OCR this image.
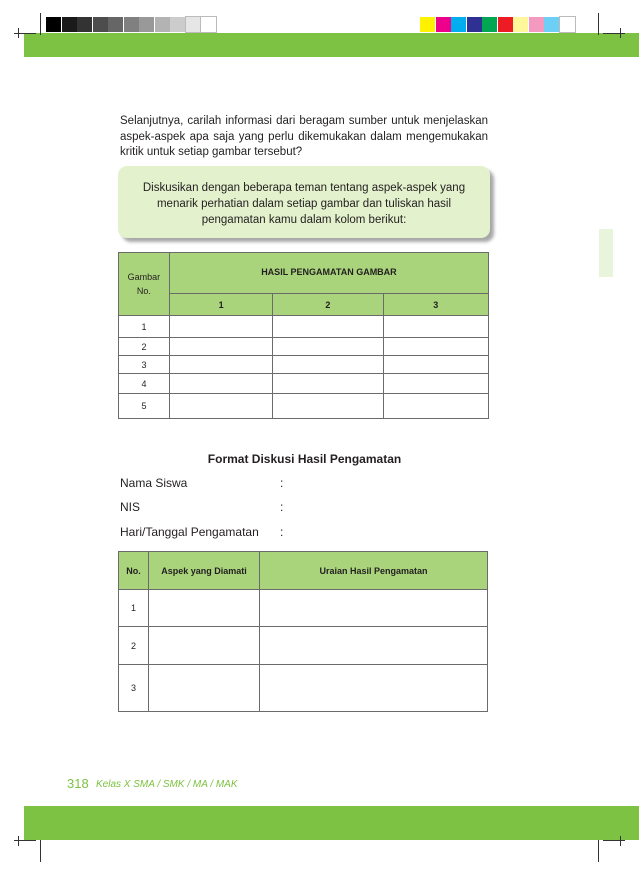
Selanjutnya, carilah informasi dari beragam sumber untuk menjelaskan aspek-aspek apa saja yang perlu dikemukakan dalam mengemukakan kritik untuk setiap gambar tersebut?
Diskusikan dengan beberapa teman tentang aspek-aspek yang menarik perhatian dalam setiap gambar dan tuliskan hasil pengamatan kamu dalam kolom berikut:
Gambar No.	HASIL PENGAMATAN GAMBAR		
	1	2	3
1			
2			
3			
4			
5			
Format Diskusi Hasil Pengamatan
Nama Siswa	:
NIS	:
Hari/Tanggal Pengamatan :
No.	Aspek yang Diamati	Uraian Hasil Pengamatan
1		
2		
3		
318 Kelas X SMA / SMK / MA / MAK
